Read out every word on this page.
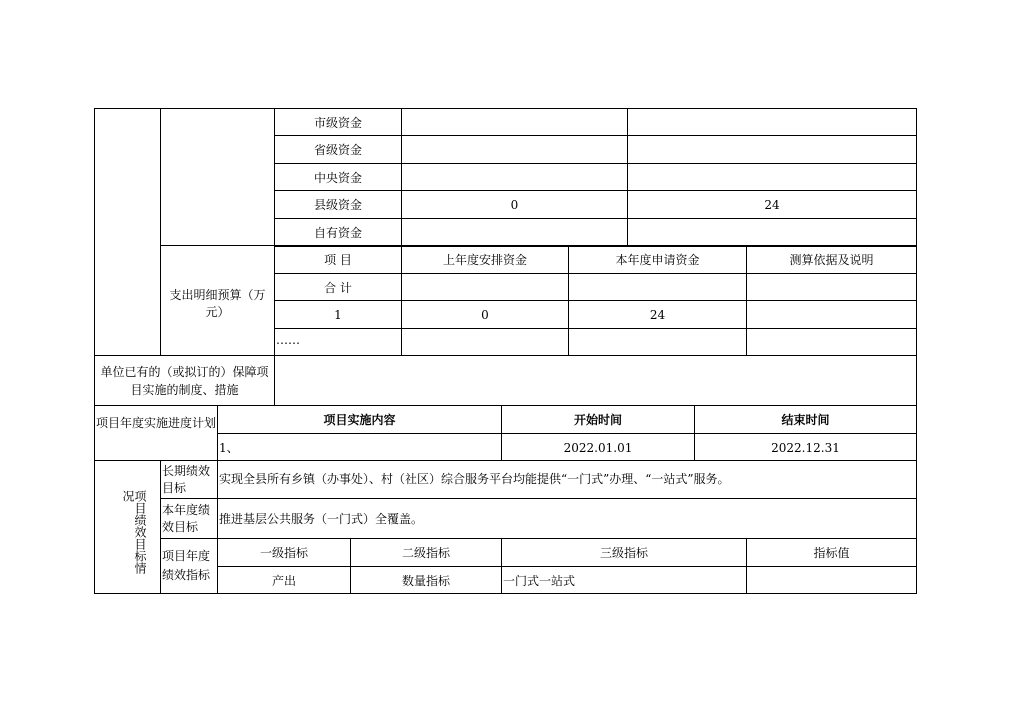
市级资金
省级资金
中央资金
县级资金	0	24
自有资金
支出明细预算（万元）
项 目	上年度安排资金	本年度申请资金	测算依据及说明
合 计
1	0	24
……
单位已有的（或拟订的）保障项目实施的制度、措施
项目年度实施进度计划	项目实施内容	开始时间	结束时间
1、	2022.01.01	2022.12.31
项目绩效目标情况
长期绩效目标
实现全县所有乡镇（办事处）、村（社区）综合服务平台均能提供“一门式”办理、“一站式”服务。
本年度绩效目标
推进基层公共服务（一门式）全覆盖。
项目年度绩效指标
一级指标	二级指标	三级指标	指标值
产出	数量指标	一门式一站式
